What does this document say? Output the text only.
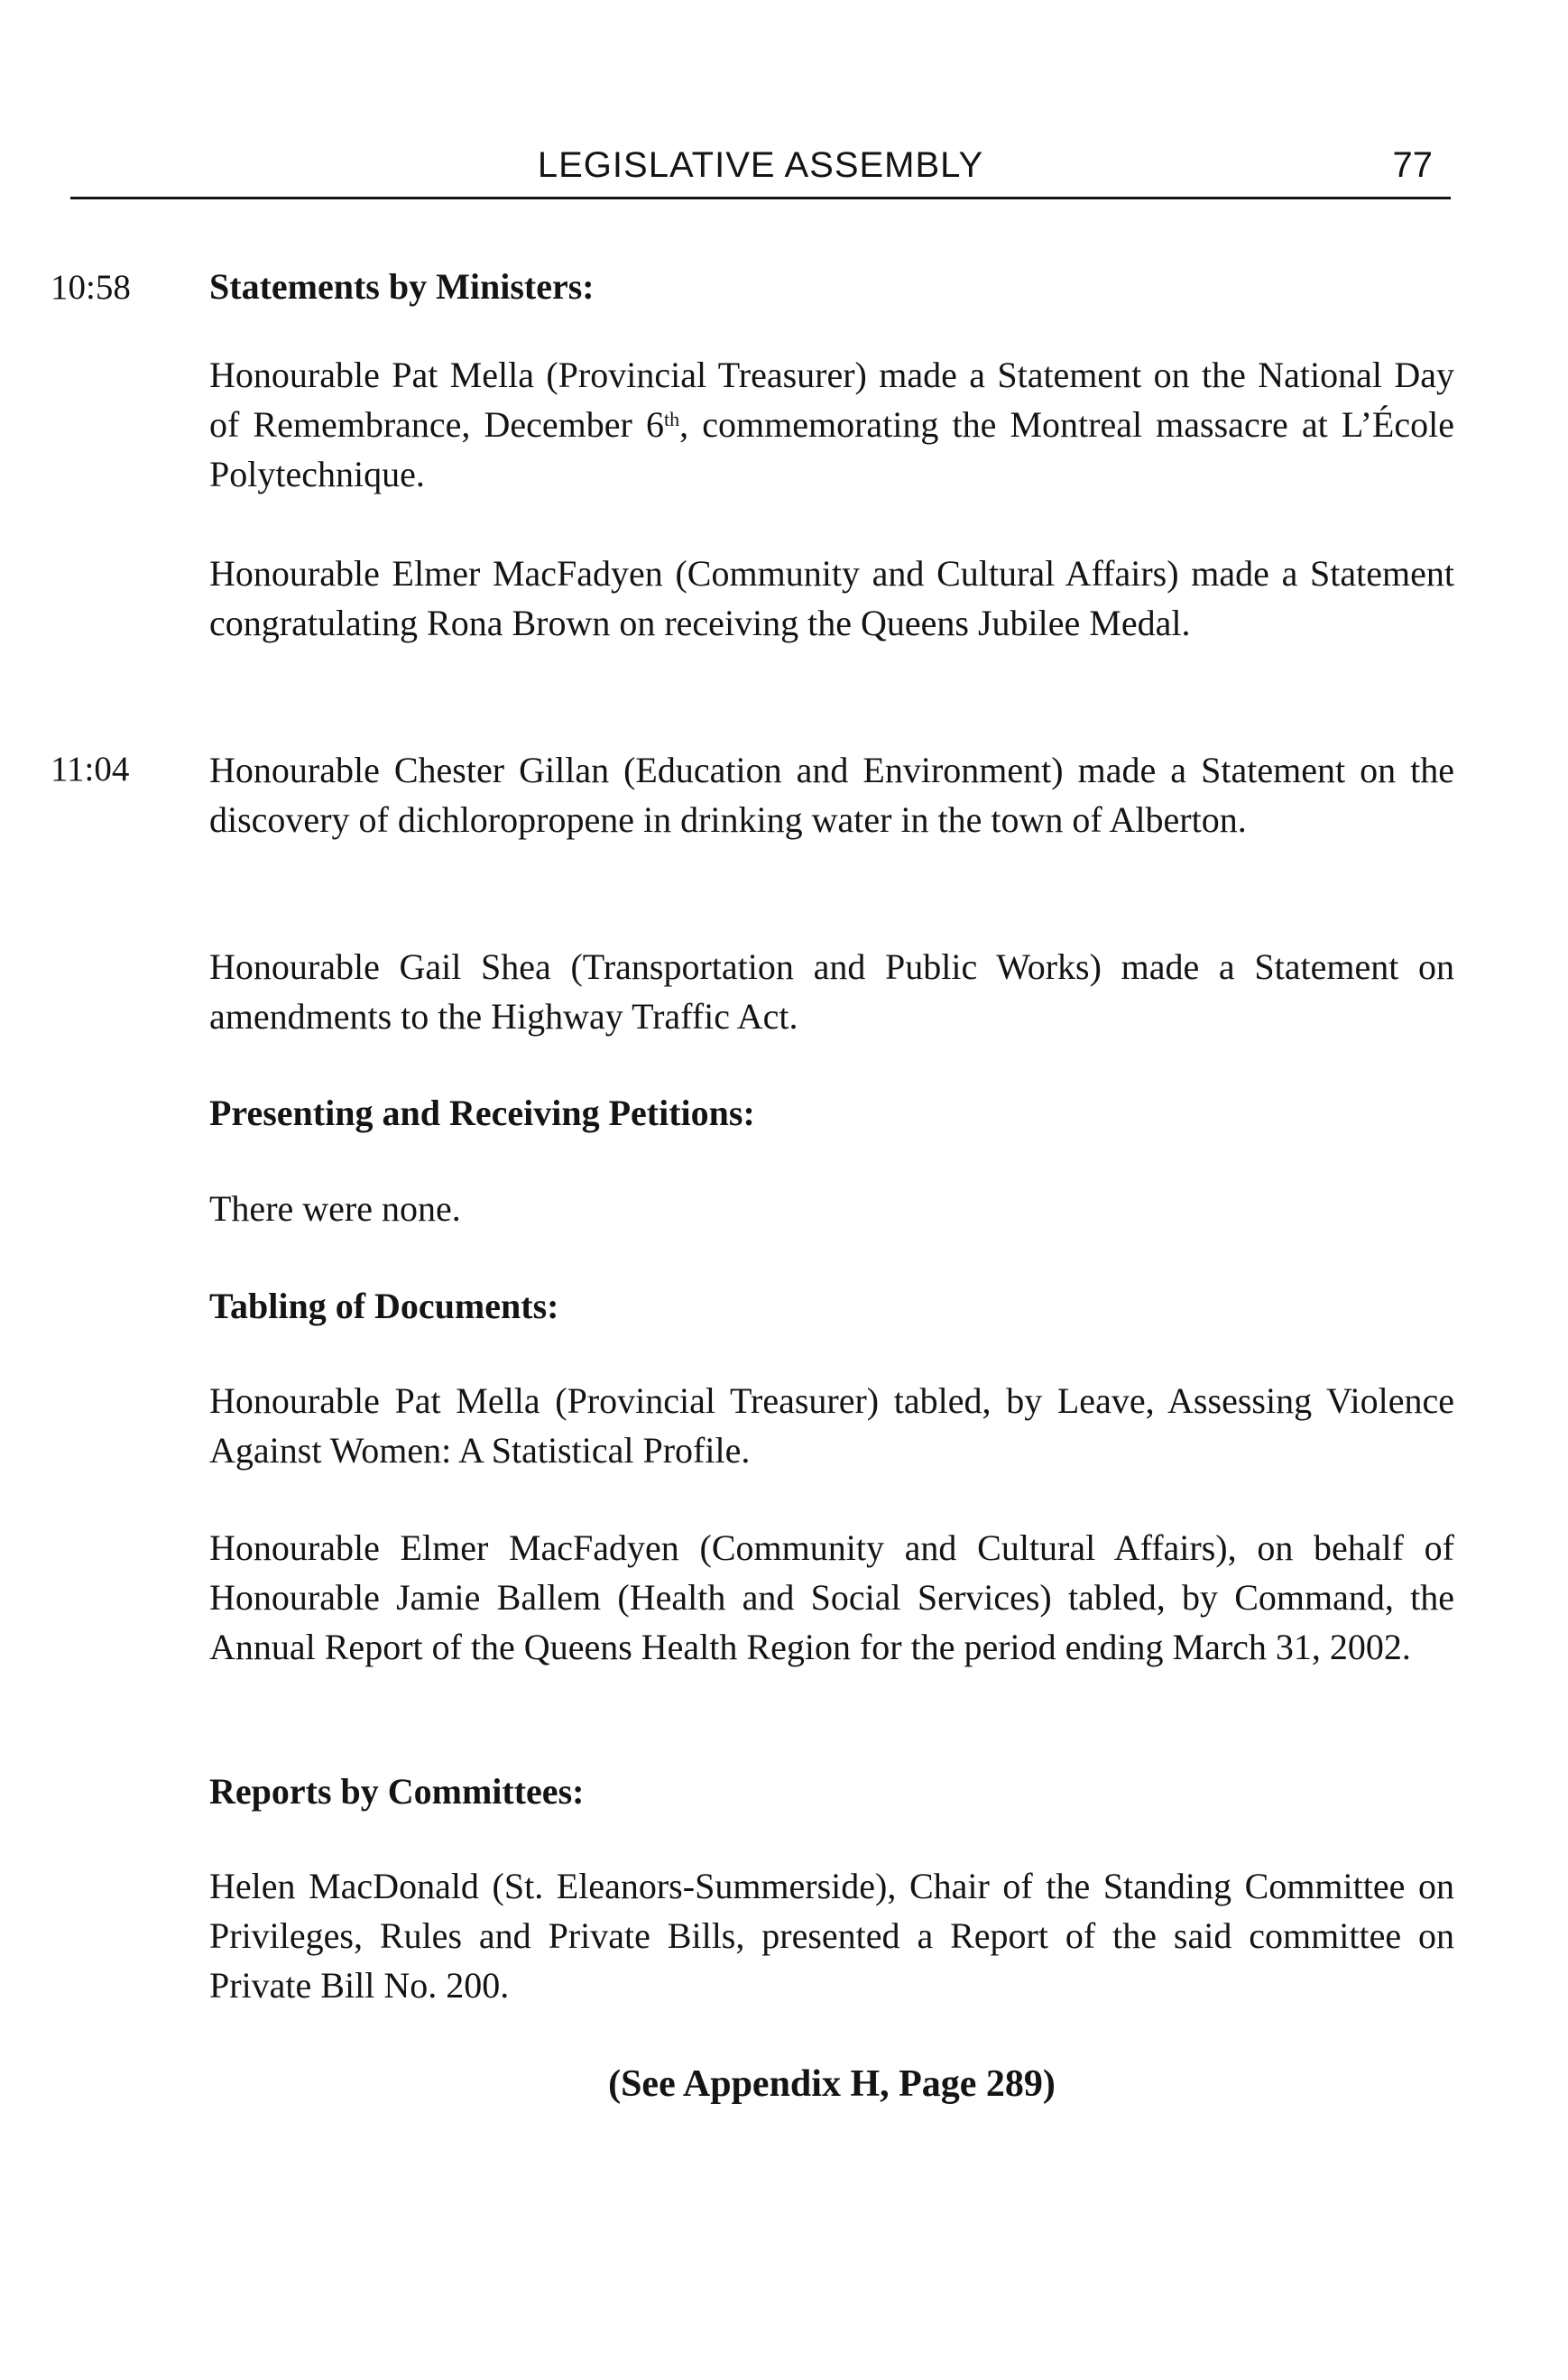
LEGISLATIVE ASSEMBLY	77
10:58 Statements by Ministers:
Honourable Pat Mella (Provincial Treasurer) made a Statement on the National Day of Remembrance, December 6th, commemorating the Montreal massacre at L’École Polytechnique.
Honourable Elmer MacFadyen (Community and Cultural Affairs) made a Statement congratulating Rona Brown on receiving the Queens Jubilee Medal.
11:04 Honourable Chester Gillan (Education and Environment) made a Statement on the discovery of dichloropropene in drinking water in the town of Alberton.
Honourable Gail Shea (Transportation and Public Works) made a Statement on amendments to the Highway Traffic Act.
Presenting and Receiving Petitions:
There were none.
Tabling of Documents:
Honourable Pat Mella (Provincial Treasurer) tabled, by Leave, Assessing Violence Against Women: A Statistical Profile.
Honourable Elmer MacFadyen (Community and Cultural Affairs), on behalf of Honourable Jamie Ballem (Health and Social Services) tabled, by Command, the Annual Report of the Queens Health Region for the period ending March 31, 2002.
Reports by Committees:
Helen MacDonald (St. Eleanors-Summerside), Chair of the Standing Committee on Privileges, Rules and Private Bills, presented a Report of the said committee on Private Bill No. 200.
(See Appendix H, Page 289)
